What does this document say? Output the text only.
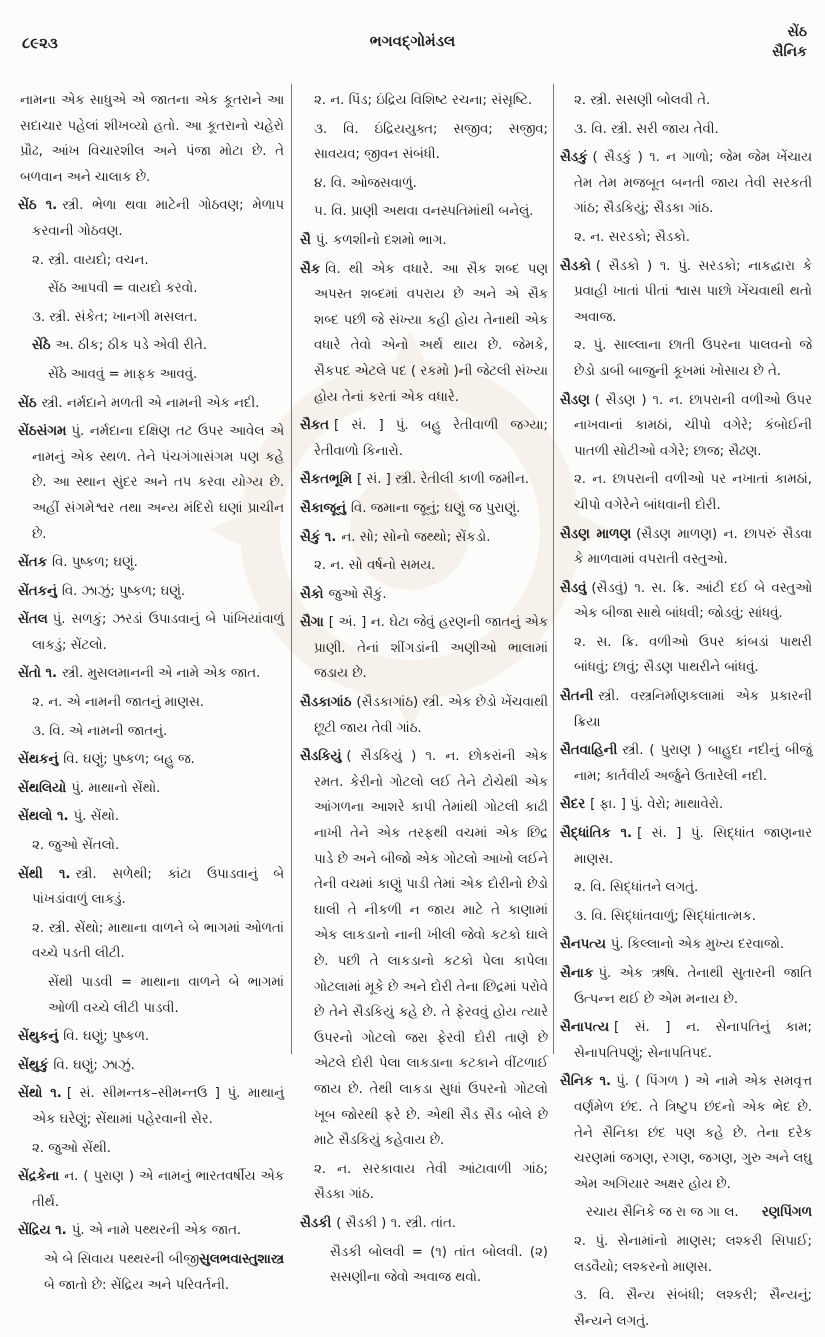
૮૯૨૩	ભગવદ્ગોમંડલ	સેંઠ
સૈનિક

નામના એક સાધુએ એ જાતના એક કૂતરાને આ સદાચાર પહેલાં શીખવ્યો હતો. આ કૂતરાનો ચહેરો પ્રૌઢ, આંખ વિચારશીલ અને પંજા મોટા છે. તે બળવાન અને ચાલાક છે.

સેંઠ ૧. સ્ત્રી. ભેળા થવા માટેની ગોઠવણ; મેળાપ કરવાની ગોઠવણ.

૨. સ્ત્રી. વાયદો; વચન.

સેંઠ આપવી = વાયદો કરવો.

૩. સ્ત્રી. સંકેત; ખાનગી મસલત.

સેંઠે અ. ઠીક; ઠીક પડે એવી રીતે.

સેંઠે આવવું = માફક આવવું.

સેંઠ સ્ત્રી. નર્મદાને મળતી એ નામની એક નદી.

સેંઠસંગમ પું. નર્મદાના દક્ષિણ તટ ઉપર આવેલ એ નામનું એક સ્થળ. તેને પંચગંગાસંગમ પણ કહે છે. આ સ્થાન સુંદર અને તપ કરવા યોગ્ય છે. અહીં સંગમેશ્વર તથા અન્ય મંદિરો ઘણાં પ્રાચીન છે.

સેંતક વિ. પુષ્કળ; ઘણું.

સેંતકનું વિ. ઝાઝું; પુષ્કળ; ઘણું.

સેંતલ પું. સળકું; ઝરડાં ઉપાડવાનું બે પાંખિયાંવાળું લાકડું; સેંટલો.

સેંતો ૧. સ્ત્રી. મુસલમાનની એ નામે એક જાત.

૨. ન. એ નામની જાતનું માણસ.

૩. વિ. એ નામની જાતનું.

સેંથકનું વિ. ઘણું; પુષ્કળ; બહુ જ.

સેંથલિયો પું. માથાનો સેંથો.

સેંથલો ૧. પું. સેંથો.

૨. જુઓ સેંતલો.

સેંથી ૧. સ્ત્રી. સળેથી; કાંટા ઉપાડવાનું બે પાંખડાંવાળું લાકડું.

૨. સ્ત્રી. સેંથો; માથાના વાળને બે ભાગમાં ઓળતાં વચ્ચે પડતી લીટી.

સેંથી પાડવી = માથાના વાળને બે ભાગમાં ઓળી વચ્ચે લીટી પાડવી.

સેંથુકનું વિ. ઘણું; પુષ્કળ.

સેંથુકું વિ. ઘણું; ઝાઝું.

સેંથો ૧. [ સં. સીમન્તક–સીમન્તઉ ] પું. માથાનું એક ઘરેણું; સેંથામાં પહેરવાની સેર.

૨. જુઓ સેંથી.

સેંદ્રકેના ન. ( પુરાણ ) એ નામનું ભારતવર્ષીય એક તીર્થ.

સેંદ્રિય ૧. પું. એ નામે પથ્થરની એક જાત.

સુલભવાસ્તુશાસ્ત્ર
એ બે સિવાય પથ્થરની બીજી બે જાતો છે: સેંદ્રિય અને પરિવર્તની.

૨. ન. પિંડ; ઇંદ્રિય વિશિષ્ટ રચના; સંસૃષ્ટિ.

૩. વિ. ઇંદ્રિયયુક્ત; સજીવ; સજીવ; સાવયવ; જીવન સંબંધી.

૪. વિ. ઓજસવાળું.

૫. વિ. પ્રાણી અથવા વનસ્પતિમાંથી બનેલું.

સૈ પું. કળશીનો દશમો ભાગ.

સૈક વિ. થી એક વધારે. આ સૈક શબ્દ પણ અપસ્ત શબ્દમાં વપરાય છે અને એ સૈક શબ્દ પછી જે સંખ્યા કહી હોય તેનાથી એક વધારે તેવો એનો અર્થ થાય છે. જેમકે, સૈકપદ એટલે પદ ( રકમો )ની જેટલી સંખ્યા હોય તેનાં કરતાં એક વધારે.

સૈકત [ સં. ] પું. બહુ રેતીવાળી જગ્યા; રેતીવાળો કિનારો.

સૈકતભૂમિ [ સં. ] સ્ત્રી. રેતીલી કાળી જમીન.

સૈકાજૂનું વિ. જમાના જૂનું; ઘણું જ પુરાણું.

સૈકું ૧. ન. સો; સોનો જથ્થો; સેંકડો.

૨. ન. સો વર્ષનો સમય.

સૈકો જુઓ સૈકું.

સૈગા [ અં. ] ન. ઘેટા જેવું હરણની જાતનું એક પ્રાણી. તેનાં શીંગડાંની અણીઓ ભાલામાં જડાય છે.

સૈડકાગાંઠ (સૈડકાગાંઠ) સ્ત્રી. એક છેડો ખેંચવાથી છૂટી જાય તેવી ગાંઠ.

સૈડકિયું ( સૈડકિયું ) ૧. ન. છોકરાંની એક રમત. કેરીનો ગોટલો લઈ તેને ટોચેથી એક આંગળના આશરે કાપી તેમાંથી ગોટલી કાઢી નાખી તેને એક તરફથી વચમાં એક છિદ્ર પાડે છે અને બીજો એક ગોટલો આખો લઈને તેની વચમાં કાણું પાડી તેમાં એક દોરીનો છેડો ઘાલી તે નીકળી ન જાય માટે તે કાણામાં એક લાકડાનો નાની ખીલી જેવો કટકો ઘાલે છે. પછી તે લાકડાનો કટકો પેલા કાપેલા ગોટલામાં મૂકે છે અને દોરી તેના છિદ્રમાં પરોવે છે તેને સૈડકિયું કહે છે. તે ફેરવવું હોય ત્યારે ઉપરનો ગોટલો જરા ફેરવી દોરી તાણે છે એટલે દોરી પેલા લાકડાના કટકાને વીંટળાઈ જાય છે. તેથી લાકડા સુધાં ઉપરનો ગોટલો ખૂબ જોરથી ફરે છે. એથી સૈડ સૈડ બોલે છે માટે સૈડકિયું કહેવાય છે.

૨. ન. સરકાવાય તેવી આંટાવાળી ગાંઠ; સૈડકા ગાંઠ.

સૈડકી ( સૈડકી ) ૧. સ્ત્રી. તાંત.

સૈડકી બોલવી = (૧) તાંત બોલવી. (૨) સસણીના જેવો અવાજ થવો.

૨. સ્ત્રી. સસણી બોલવી તે.

૩. વિ. સ્ત્રી. સરી જાય તેવી.

સૈડકું ( સૈડકું ) ૧. ન ગાળો; જેમ જેમ ખેંચાય તેમ તેમ મજબૂત બનતી જાય તેવી સરકતી ગાંઠ; સૈડકિયું; સૈડકા ગાંઠ.

૨. ન. સરડકો; સૈડકો.

સૈડકો ( સૈડકો ) ૧. પું. સરડકો; નાકદ્વારા કે પ્રવાહી ખાતાં પીતાં શ્વાસ પાછો ખેંચવાથી થતો અવાજ.

૨. પું. સાલ્લાના છાતી ઉપરના પાલવનો જે છેડો ડાબી બાજુની કૂખમાં ખોસાય છે તે.

સૈડણ ( સૈડણ ) ૧. ન. છાપરાની વળીઓ ઉપર નાખવાનાં કામઠાં, ચીપો વગેરે; કંબોઈની પાતળી સોટીઓ વગેરે; છાજ; સૈઢણ.

૨. ન. છાપરાની વળીઓ પર નખાતાં કામઠાં, ચીપો વગેરેને બાંધવાની દોરી.

સૈડણ માળણ (સૈડણ માળણ) ન. છાપરું સૈડવા કે માળવામાં વપરાતી વસ્તુઓ.

સૈડવું (સૈડવું) ૧. સ. ક્રિ. આંટી દઈ બે વસ્તુઓ એક બીજા સાથે બાંધવી; જોડવું; સાંધવું.

૨. સ. ક્રિ. વળીઓ ઉપર કાંબડાં પાથરી બાંધવું; છાવું; સૈડણ પાથરીને બાંધવું.

સૈતની સ્ત્રી. વસ્ત્રનિર્માણકલામાં એક પ્રકારની ક્રિયા

સૈતવાહિની સ્ત્રી. ( પુરાણ ) બાહુદા નદીનું બીજું નામ; કાર્તવીર્ય અર્જુને ઉતારેલી નદી.

સૈદર [ ફા. ] પું. વેરો; માથાવેરો.

સૈદ્ધાંતિક ૧. [ સં. ] પું. સિદ્ધાંત જાણનાર માણસ.

૨. વિ. સિદ્ધાંતને લગતું.

૩. વિ. સિદ્ધાંતવાળું; સિદ્ધાંતાત્મક.

સૈનપત્ય પું. કિલ્લાનો એક મુખ્ય દરવાજો.

સૈનાક પું. એક ઋષિ. તેનાથી સુતારની જાતિ ઉત્પન્ન થઈ છે એમ મનાય છે.

સૈનાપત્ય [ સં. ] ન. સેનાપતિનું કામ; સેનાપતિપણું; સેનાપતિપદ.

સૈનિક ૧. પું. ( પિંગળ ) એ નામે એક સમવૃત્ત વર્ણમેળ છંદ. તે ત્રિષ્ટુપ છંદનો એક ભેદ છે. તેને સૈનિકા છંદ પણ કહે છે. તેના દરેક ચરણમાં જગણ, રગણ, જગણ, ગુરુ અને લઘુ એમ અગિયાર અક્ષર હોય છે.

રણપિંગળ
રચાય સૈનિકે જ રા જ ગા લ.

૨. પું. સેનામાંનો માણસ; લશ્કરી સિપાઈ; લડવૈયો; લશ્કરનો માણસ.

૩. વિ. સૈન્ય સંબંધી; લશ્કરી; સૈન્યનું; સૈન્યને લગતું.
